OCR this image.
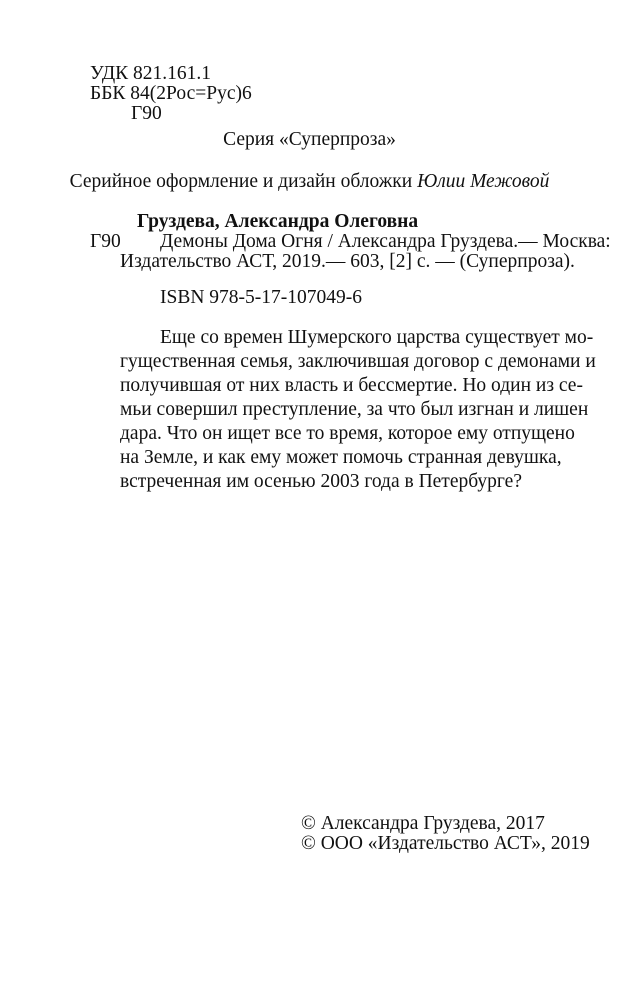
УДК 821.161.1
ББК 84(2Рос=Рус)6
Г90
Серия «Суперпроза»
Серийное оформление и дизайн обложки Юлии Межовой
Груздева, Александра Олеговна
Г90 Демоны Дома Огня / Александра Груздева.— Москва:
Издательство АСТ, 2019.— 603, [2] с. — (Суперпроза).
ISBN 978-5-17-107049-6
Еще со времен Шумерского царства существует мо-
гущественная семья, заключившая договор с демонами и
получившая от них власть и бессмертие. Но один из се-
мьи совершил преступление, за что был изгнан и лишен
дара. Что он ищет все то время, которое ему отпущено
на Земле, и как ему может помочь странная девушка,
встреченная им осенью 2003 года в Петербурге?
© Александра Груздева, 2017
© ООО «Издательство АСТ», 2019
